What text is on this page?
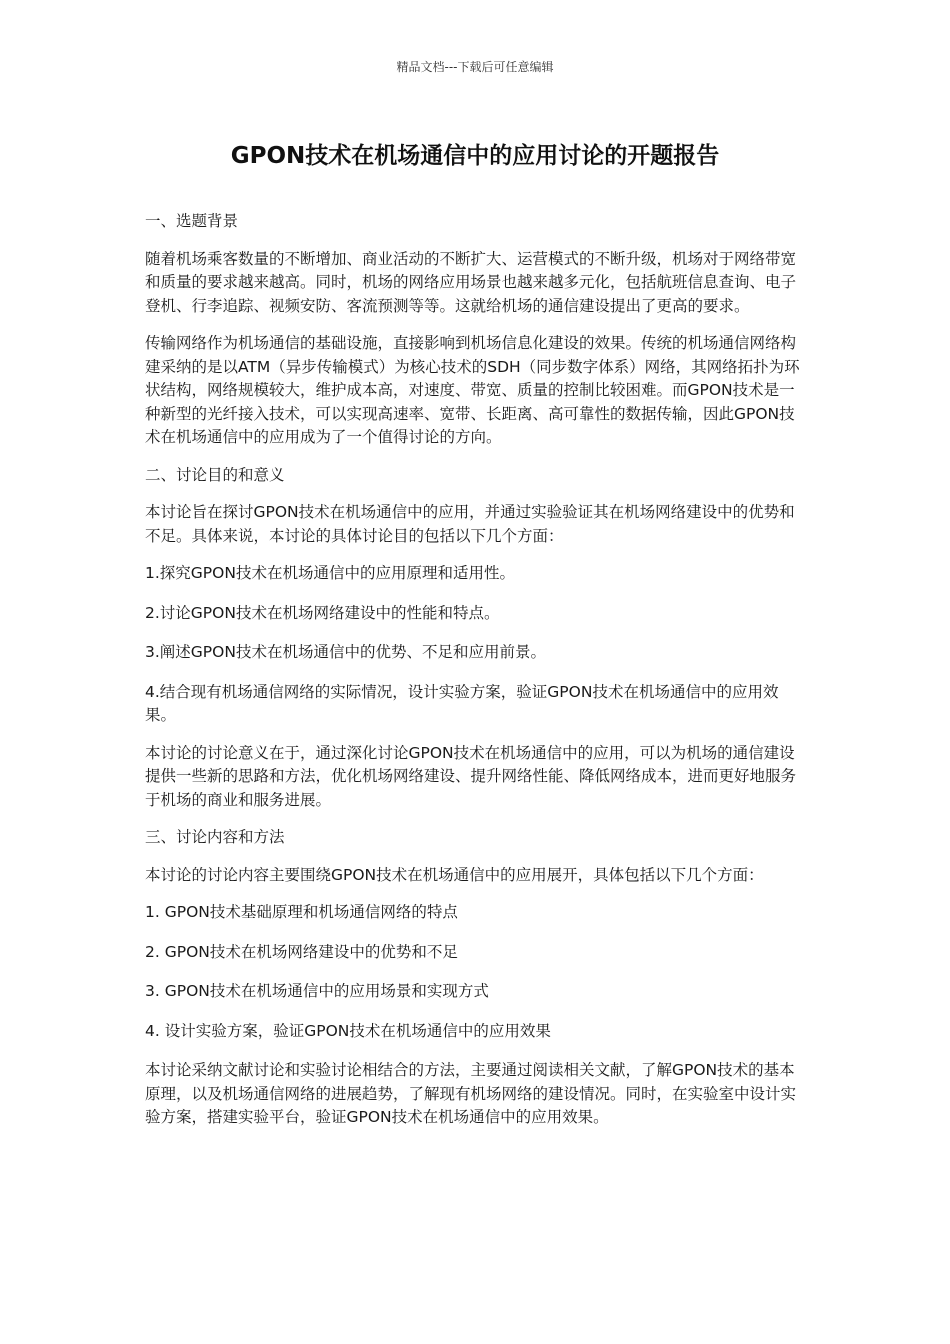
精品文档---下载后可任意编辑
GPON技术在机场通信中的应用讨论的开题报告

一、选题背景

随着机场乘客数量的不断增加、商业活动的不断扩大、运营模式的不断升级，机场对于网络带宽和质量的要求越来越高。同时，机场的网络应用场景也越来越多元化，包括航班信息查询、电子登机、行李追踪、视频安防、客流预测等等。这就给机场的通信建设提出了更高的要求。

传输网络作为机场通信的基础设施，直接影响到机场信息化建设的效果。传统的机场通信网络构建采纳的是以ATM（异步传输模式）为核心技术的SDH（同步数字体系）网络，其网络拓扑为环状结构，网络规模较大，维护成本高，对速度、带宽、质量的控制比较困难。而GPON技术是一种新型的光纤接入技术，可以实现高速率、宽带、长距离、高可靠性的数据传输，因此GPON技术在机场通信中的应用成为了一个值得讨论的方向。

二、讨论目的和意义

本讨论旨在探讨GPON技术在机场通信中的应用，并通过实验验证其在机场网络建设中的优势和不足。具体来说，本讨论的具体讨论目的包括以下几个方面：

1.探究GPON技术在机场通信中的应用原理和适用性。

2.讨论GPON技术在机场网络建设中的性能和特点。

3.阐述GPON技术在机场通信中的优势、不足和应用前景。

4.结合现有机场通信网络的实际情况，设计实验方案，验证GPON技术在机场通信中的应用效果。

本讨论的讨论意义在于，通过深化讨论GPON技术在机场通信中的应用，可以为机场的通信建设提供一些新的思路和方法，优化机场网络建设、提升网络性能、降低网络成本，进而更好地服务于机场的商业和服务进展。

三、讨论内容和方法

本讨论的讨论内容主要围绕GPON技术在机场通信中的应用展开，具体包括以下几个方面：

1. GPON技术基础原理和机场通信网络的特点

2. GPON技术在机场网络建设中的优势和不足

3. GPON技术在机场通信中的应用场景和实现方式

4. 设计实验方案，验证GPON技术在机场通信中的应用效果

本讨论采纳文献讨论和实验讨论相结合的方法，主要通过阅读相关文献，了解GPON技术的基本原理，以及机场通信网络的进展趋势，了解现有机场网络的建设情况。同时，在实验室中设计实验方案，搭建实验平台，验证GPON技术在机场通信中的应用效果。
